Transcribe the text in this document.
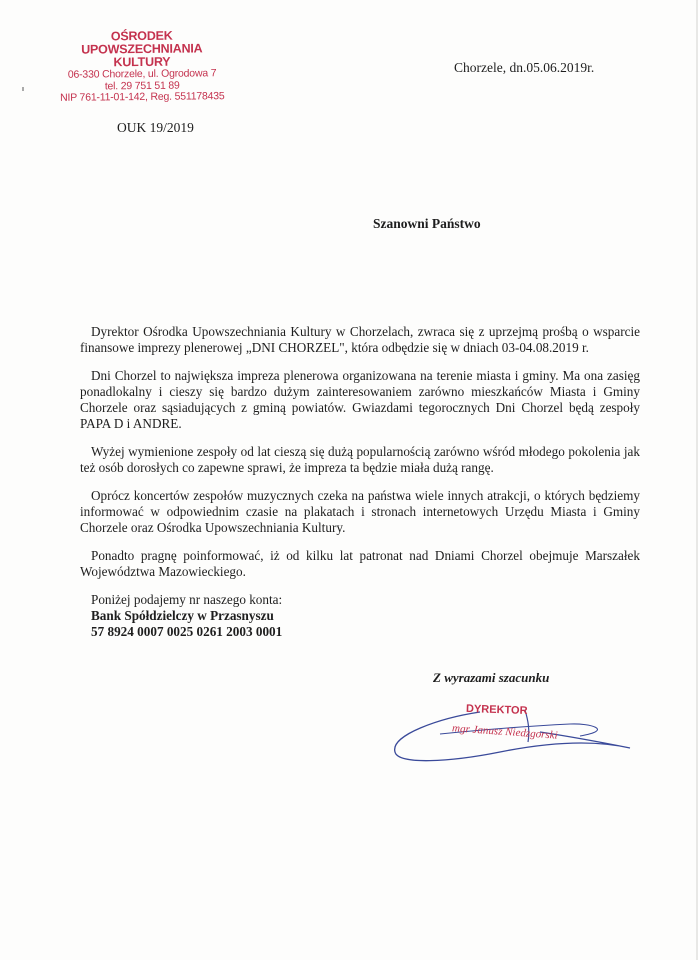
OŚRODEK UPOWSZECHNIANIA
KULTURY
06-330 Chorzele, ul. Ogrodowa 7
tel. 29 751 51 89
NIP 761-11-01-142, Reg. 551178435
Chorzele, dn.05.06.2019r.
OUK 19/2019
Szanowni Państwo

Dyrektor Ośrodka Upowszechniania Kultury w Chorzelach, zwraca się z uprzejmą prośbą o wsparcie finansowe imprezy plenerowej „DNI CHORZEL", która odbędzie się w dniach 03-04.08.2019 r.

Dni Chorzel to największa impreza plenerowa organizowana na terenie miasta i gminy. Ma ona zasięg ponadlokalny i cieszy się bardzo dużym zainteresowaniem zarówno mieszkańców Miasta i Gminy Chorzele oraz sąsiadujących z gminą powiatów. Gwiazdami tegorocznych Dni Chorzel będą zespoły PAPA D i ANDRE.

Wyżej wymienione zespoły od lat cieszą się dużą popularnością zarówno wśród młodego pokolenia jak też osób dorosłych co zapewne sprawi, że impreza ta będzie miała dużą rangę.

Oprócz koncertów zespołów muzycznych czeka na państwa wiele innych atrakcji, o których będziemy informować w odpowiednim czasie na plakatach i stronach internetowych Urzędu Miasta i Gminy Chorzele oraz Ośrodka Upowszechniania Kultury.

Ponadto pragnę poinformować, iż od kilku lat patronat nad Dniami Chorzel obejmuje Marszałek Województwa Mazowieckiego.

Poniżej podajemy nr naszego konta:
Bank Spółdzielczy w Przasnyszu
57 8924 0007 0025 0261 2003 0001
Z wyrazami szacunku
DYREKTOR
mgr Janusz Niedzgorski
